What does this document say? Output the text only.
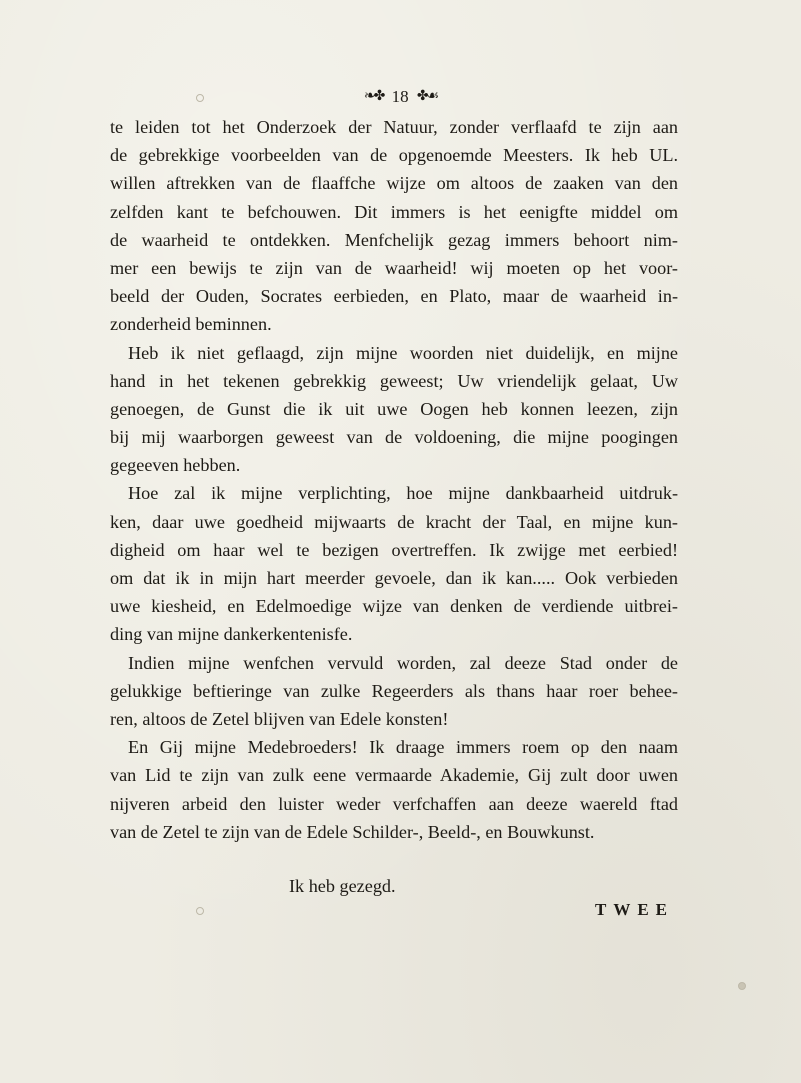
❧✤ 18 ✤☙
te leiden tot het Onderzoek der Natuur, zonder verflaafd te zijn aan
de gebrekkige voorbeelden van de opgenoemde Meesters. Ik heb UL.
willen aftrekken van de flaaffche wijze om altoos de zaaken van den
zelfden kant te befchouwen. Dit immers is het eenigfte middel om
de waarheid te ontdekken. Menfchelijk gezag immers behoort nim-
mer een bewijs te zijn van de waarheid! wij moeten op het voor-
beeld der Ouden, Socrates eerbieden, en Plato, maar de waarheid in-
zonderheid beminnen.
Heb ik niet geflaagd, zijn mijne woorden niet duidelijk, en mijne
hand in het tekenen gebrekkig geweest; Uw vriendelijk gelaat, Uw
genoegen, de Gunst die ik uit uwe Oogen heb konnen leezen, zijn
bij mij waarborgen geweest van de voldoening, die mijne poogingen
gegeeven hebben.
Hoe zal ik mijne verplichting, hoe mijne dankbaarheid uitdruk-
ken, daar uwe goedheid mijwaarts de kracht der Taal, en mijne kun-
digheid om haar wel te bezigen overtreffen. Ik zwijge met eerbied!
om dat ik in mijn hart meerder gevoele, dan ik kan..... Ook verbieden
uwe kiesheid, en Edelmoedige wijze van denken de verdiende uitbrei-
ding van mijne dankerkentenisfe.
Indien mijne wenfchen vervuld worden, zal deeze Stad onder de
gelukkige beftieringe van zulke Regeerders als thans haar roer behee-
ren, altoos de Zetel blijven van Edele konsten!
En Gij mijne Medebroeders! Ik draage immers roem op den naam
van Lid te zijn van zulk eene vermaarde Akademie, Gij zult door uwen
nijveren arbeid den luister weder verfchaffen aan deeze waereld ftad
van de Zetel te zijn van de Edele Schilder-, Beeld-, en Bouwkunst.
Ik heb gezegd.
TWEE
